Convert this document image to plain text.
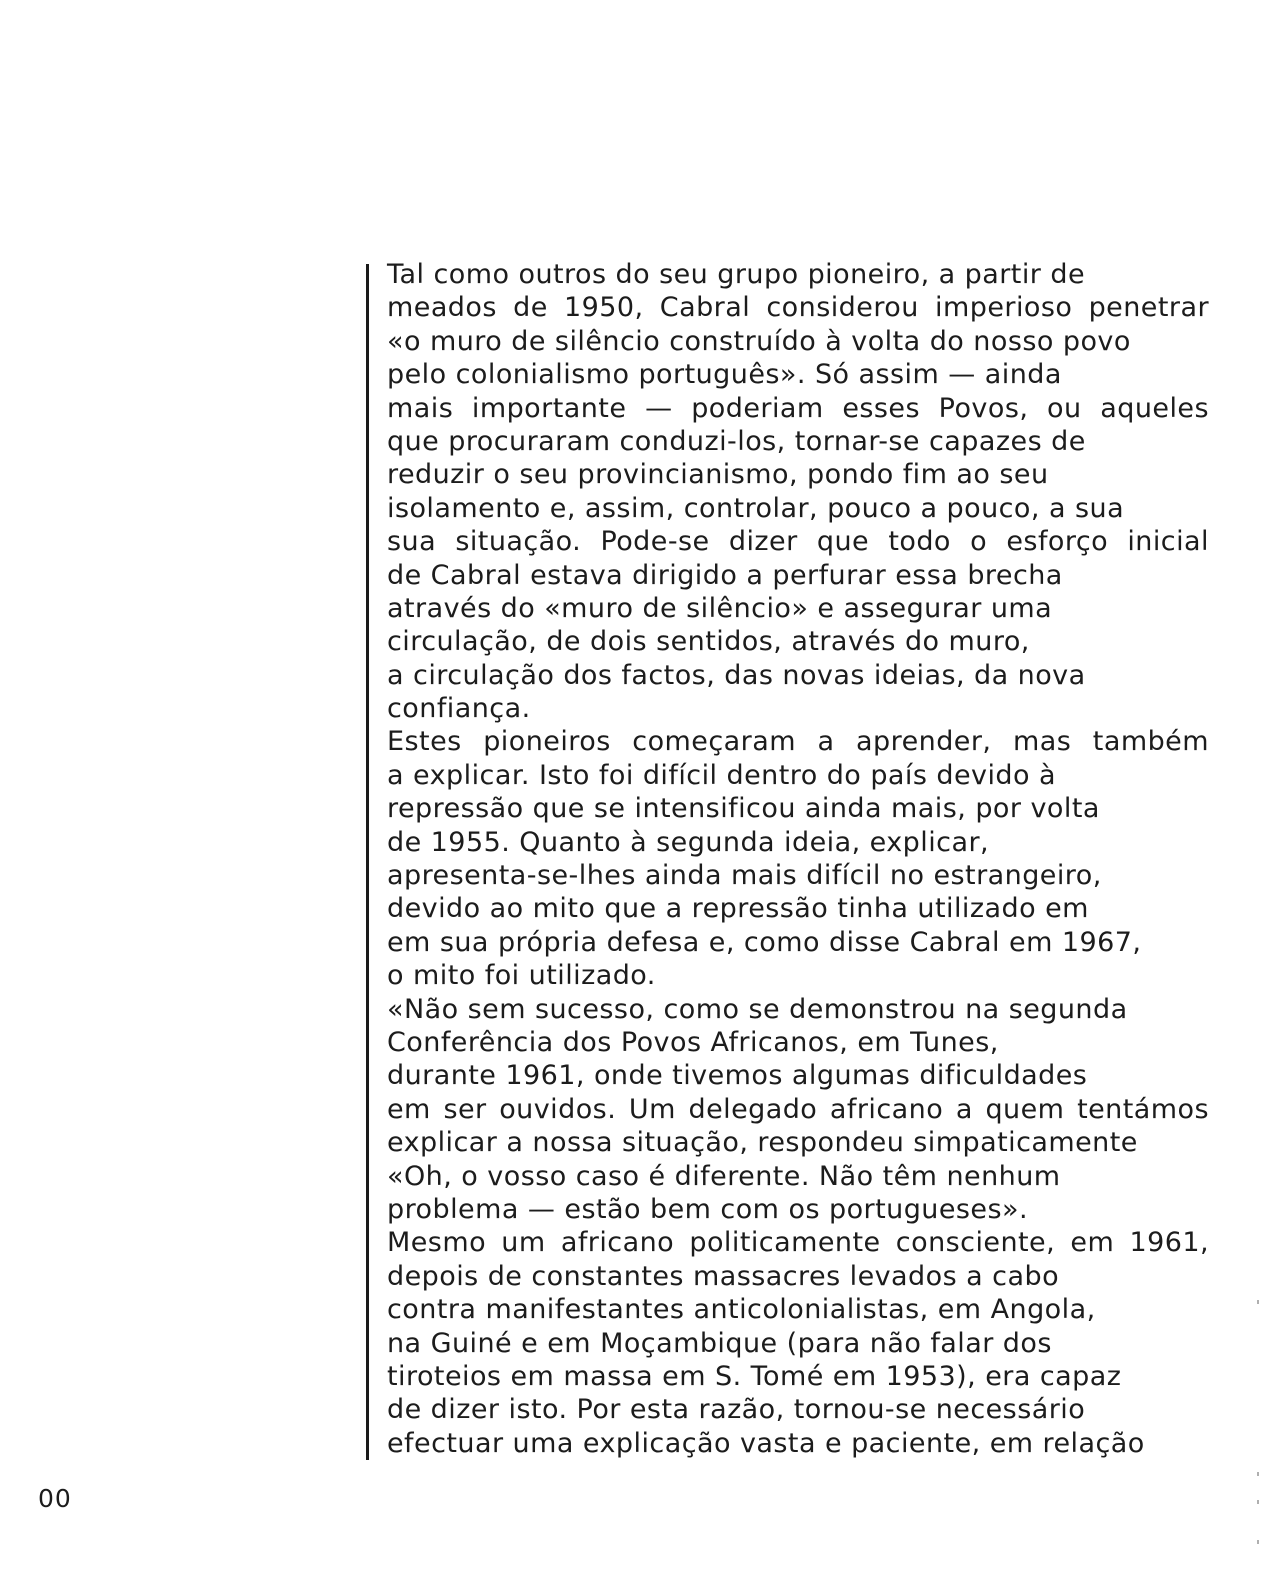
Tal como outros do seu grupo pioneiro, a partir de
meados de 1950, Cabral considerou imperioso penetrar
«o muro de silêncio construído à volta do nosso povo
pelo colonialismo português». Só assim — ainda
mais importante — poderiam esses Povos, ou aqueles
que procuraram conduzi-los, tornar-se capazes de
reduzir o seu provincianismo, pondo fim ao seu
isolamento e, assim, controlar, pouco a pouco, a sua
sua situação. Pode-se dizer que todo o esforço inicial
de Cabral estava dirigido a perfurar essa brecha
através do «muro de silêncio» e assegurar uma
circulação, de dois sentidos, através do muro,
a circulação dos factos, das novas ideias, da nova
confiança.
Estes pioneiros começaram a aprender, mas também
a explicar. Isto foi difícil dentro do país devido à
repressão que se intensificou ainda mais, por volta
de 1955. Quanto à segunda ideia, explicar,
apresenta-se-lhes ainda mais difícil no estrangeiro,
devido ao mito que a repressão tinha utilizado em
em sua própria defesa e, como disse Cabral em 1967,
o mito foi utilizado.
«Não sem sucesso, como se demonstrou na segunda
Conferência dos Povos Africanos, em Tunes,
durante 1961, onde tivemos algumas dificuldades
em ser ouvidos. Um delegado africano a quem tentámos
explicar a nossa situação, respondeu simpaticamente
«Oh, o vosso caso é diferente. Não têm nenhum
problema — estão bem com os portugueses».
Mesmo um africano politicamente consciente, em 1961,
depois de constantes massacres levados a cabo
contra manifestantes anticolonialistas, em Angola,
na Guiné e em Moçambique (para não falar dos
tiroteios em massa em S. Tomé em 1953), era capaz
de dizer isto. Por esta razão, tornou-se necessário
efectuar uma explicação vasta e paciente, em relação
00
